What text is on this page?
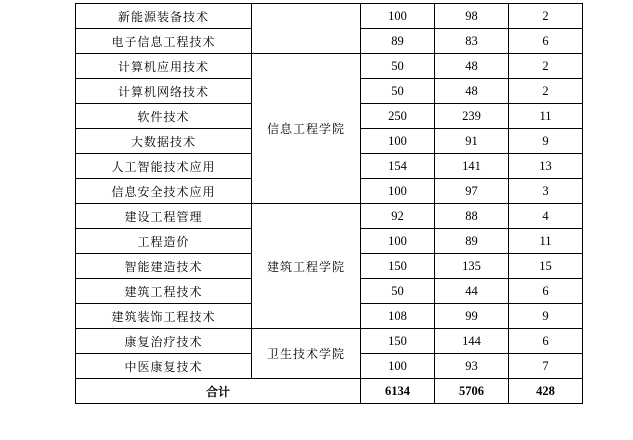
新能源装备技术		100	98	2
电子信息工程技术		89	83	6
计算机应用技术	信息工程学院	50	48	2
计算机网络技术		50	48	2
软件技术		250	239	11
大数据技术		100	91	9
人工智能技术应用		154	141	13
信息安全技术应用		100	97	3
建设工程管理	建筑工程学院	92	88	4
工程造价		100	89	11
智能建造技术		150	135	15
建筑工程技术		50	44	6
建筑装饰工程技术		108	99	9
康复治疗技术	卫生技术学院	150	144	6
中医康复技术		100	93	7
合计		6134	5706	428
